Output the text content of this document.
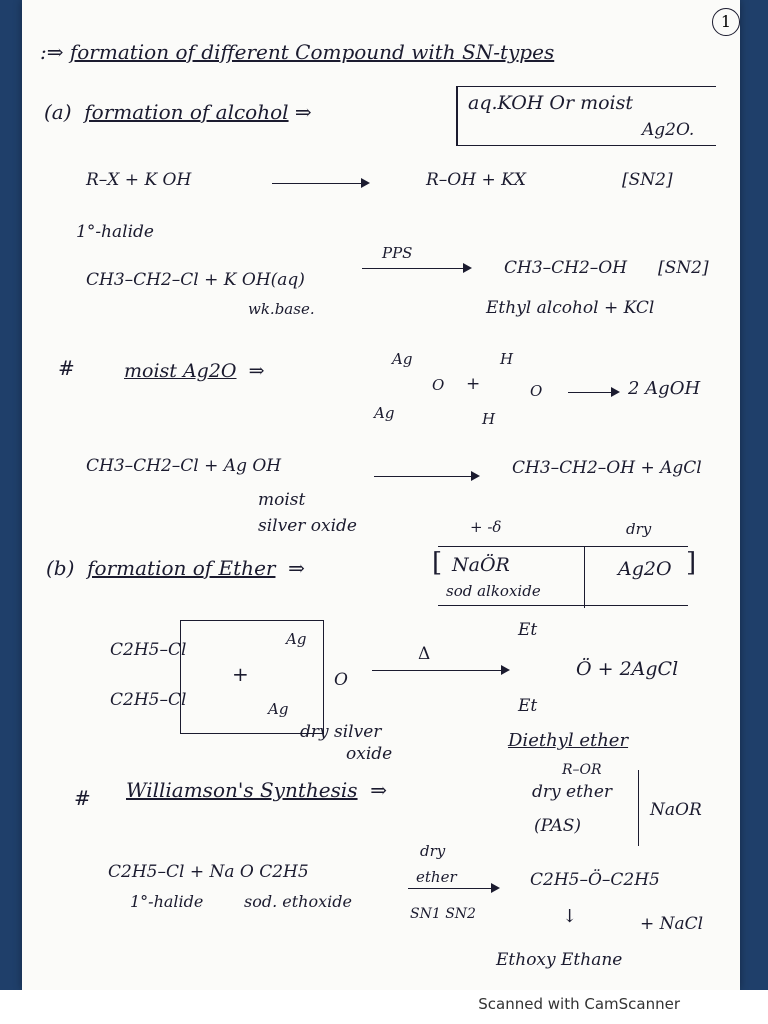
1
:⇒ formation of different Compound with SN-types
(a) formation of alcohol ⇒	aq.KOH Or moist
Ag2O.
R–X + K OH	R–OH + KX	[SN2]
1°-halide
CH3–CH2–Cl + K OH(aq)
PPS
CH3–CH2–OH [SN2]
wk.base.	Ethyl alcohol + KCl
#	moist Ag2O  ⇒
Ag
O
Ag
+
H
O
H
2 AgOH
CH3–CH2–Cl + Ag OH	CH3–CH2–OH + AgCl
moist
silver oxide	+ -δ
(b) formation of Ether  ⇒	[ NaÖR
sod alkoxide
dry
Ag2O ]
C2H5–Cl
C2H5–Cl
+
Ag
O
Ag
Δ
Et
Ö + 2AgCl
Et
dry silver
oxide
Diethyl ether
# Williamson's Synthesis  ⇒
R–OR
dry ether
(PAS)
NaOR
C2H5–Cl + Na O C2H5
dry
ether
SN1 SN2
1°-halide	sod. ethoxide
C2H5–Ö–C2H5
↓	+ NaCl
Ethoxy Ethane
Scanned with CamScanner
